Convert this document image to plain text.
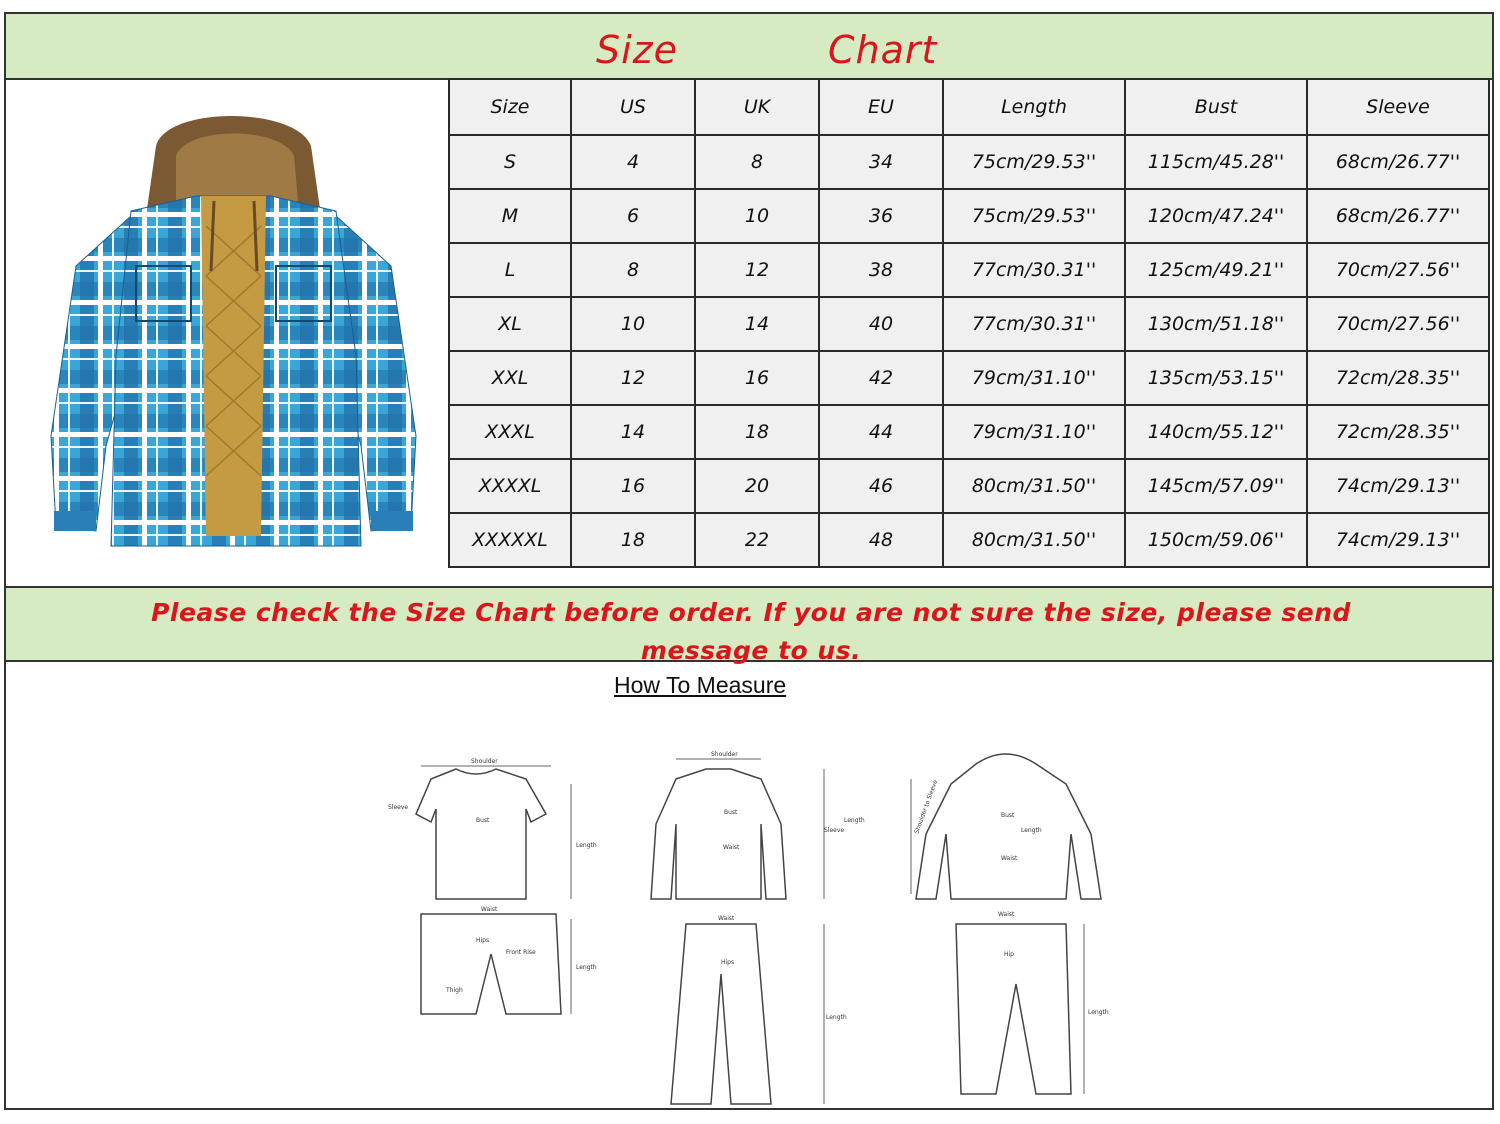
Size	Chart
Size	US	UK	EU	Length	Bust	Sleeve
S	4	8	34	75cm/29.53''	115cm/45.28''	68cm/26.77''
M	6	10	36	75cm/29.53''	120cm/47.24''	68cm/26.77''
L	8	12	38	77cm/30.31''	125cm/49.21''	70cm/27.56''
XL	10	14	40	77cm/30.31''	130cm/51.18''	70cm/27.56''
XXL	12	16	42	79cm/31.10''	135cm/53.15''	72cm/28.35''
XXXL	14	18	44	79cm/31.10''	140cm/55.12''	72cm/28.35''
XXXXL	16	20	46	80cm/31.50''	145cm/57.09''	74cm/29.13''
XXXXXL	18	22	48	80cm/31.50''	150cm/59.06''	74cm/29.13''
Please check the Size Chart before order. If you are not sure the size, please send
message to us.
How To Measure
Shoulder
Sleeve
Bust
Length
Waist
Hips
Front Rise
Thigh
Length
Shoulder
Bust
Waist
Sleeve
Length
Waist
Hips
Length
Shoulder to Sleeve	Bust
Length
Waist
Waist
Hip
Length
